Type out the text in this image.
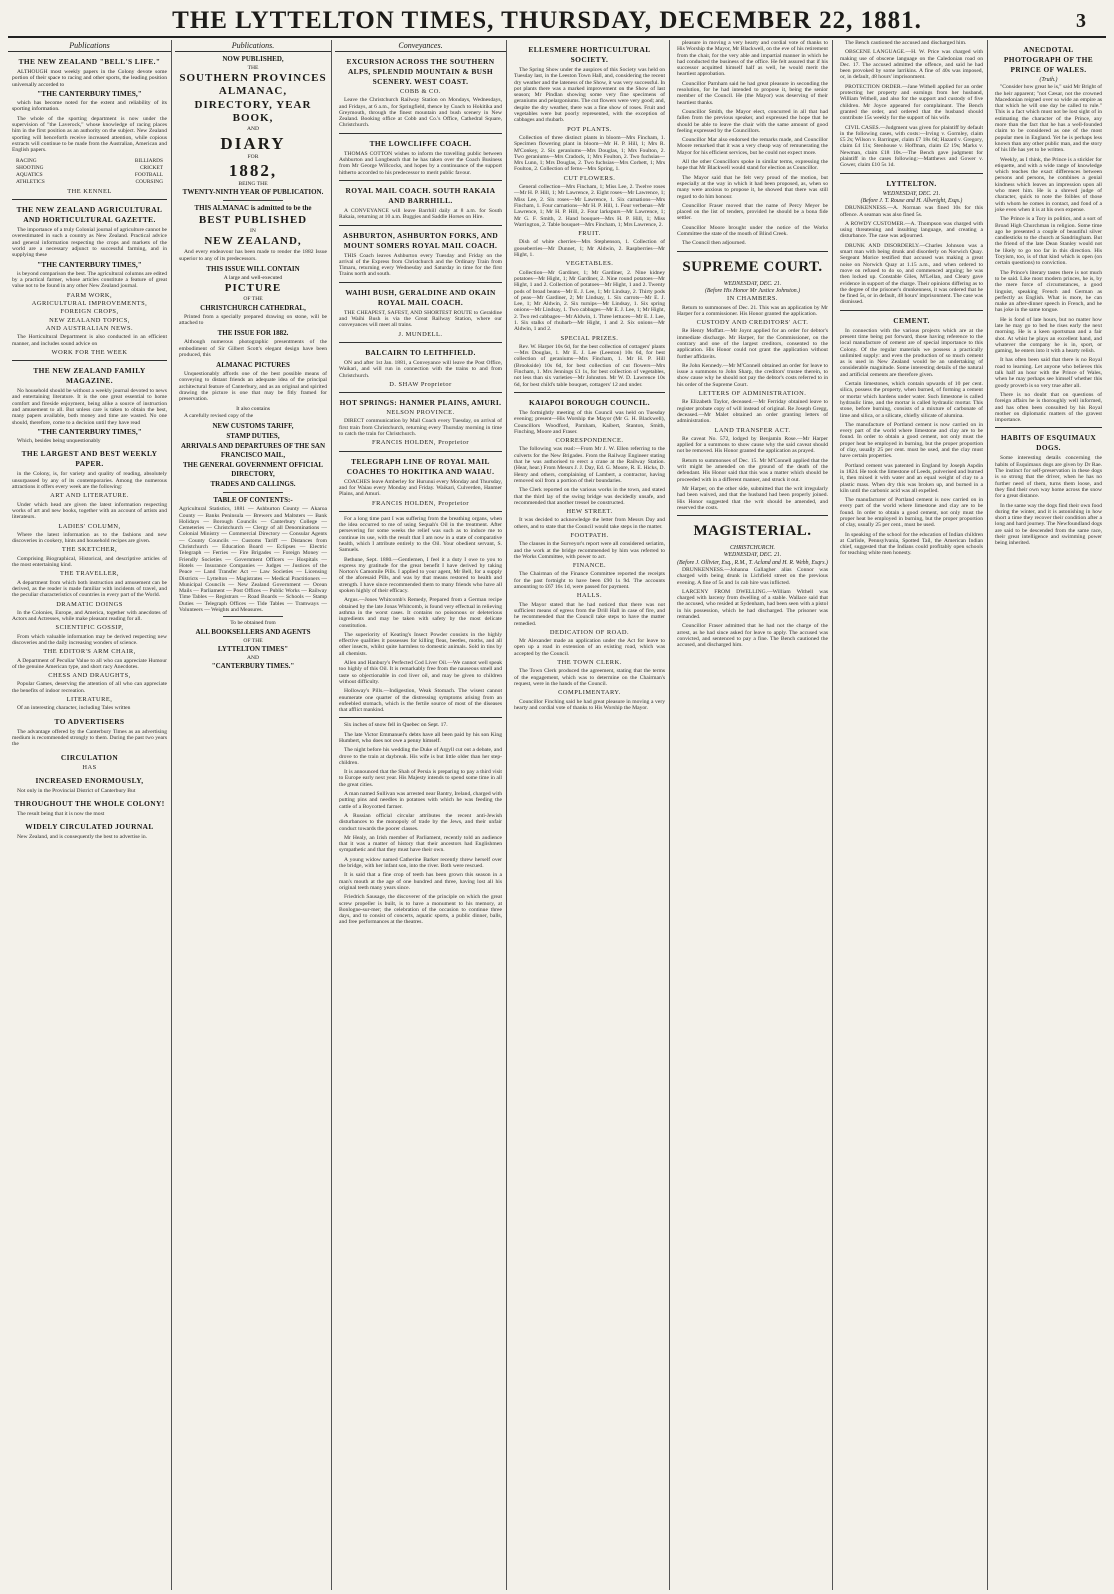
THE LYTTELTON TIMES, THURSDAY, DECEMBER 22, 1881.	3
Publications
THE NEW ZEALAND "BELL'S LIFE."

ALTHOUGH most weekly papers in the Colony devote some portion of their space to racing and other sports, the leading position universally accorded to

"THE CANTERBURY TIMES,"

which has become noted for the extent and reliability of its sporting information.

The whole of the sporting department is now under the supervision of "the Laverock," whose knowledge of racing places him in the first position as an authority on the subject. New Zealand sporting will henceforth receive increased attention, while copious extracts will continue to be made from the Australian, American and English papers.

RACING
SHOOTING
AQUATICS
ATHLETICS
BILLIARDS
CRICKET
FOOTBALL
COURSING
THE KENNEL
THE NEW ZEALAND AGRICULTURAL AND HORTICULTURAL GAZETTE.

The importance of a truly Colonial journal of agriculture cannot be overestimated in such a country as New Zealand. Practical advice and general information respecting the crops and markets of the world are a necessary adjunct to successful farming, and in supplying these

"THE CANTERBURY TIMES,"

is beyond comparison the best. The agricultural columns are edited by a practical farmer, whose articles constitute a feature of great value not to be found in any other New Zealand journal.

FARM WORK,
AGRICULTURAL IMPROVEMENTS,
FOREIGN CROPS,
NEW ZEALAND TOPICS,
AND AUSTRALIAN NEWS.

The Horticultural Department is also conducted in an efficient manner, and includes sound advice on

WORK FOR THE WEEK
THE NEW ZEALAND FAMILY MAGAZINE.

No household should be without a weekly journal devoted to news and entertaining literature. It is the one great essential to home comfort and fireside enjoyment, being alike a source of instruction and amusement to all. But unless care is taken to obtain the best, many papers available, both money and time are wasted. No one should, therefore, come to a decision until they have read

"THE CANTERBURY TIMES,"

Which, besides being unquestionably

THE LARGEST AND BEST WEEKLY PAPER.

in the Colony, is, for variety and quality of reading, absolutely unsurpassed by any of its contemporaries. Among the numerous attractions it offers every week are the following:

ART AND LITERATURE.

Under which head are given the latest information respecting works of art and new books, together with an account of artists and literateurs.

LADIES' COLUMN,

Where the latest information as to the fashions and new discoveries in cookery, hints and household recipes are given.

THE SKETCHER,

Comprising Biographical, Historical, and descriptive articles of the most entertaining kind.

THE TRAVELLER,

A department from which both instruction and amusement can be derived, as the reader is made familiar with incidents of travel, and the peculiar characteristics of countries in every part of the World.

DRAMATIC DOINGS

In the Colonies, Europe, and America, together with anecdotes of Actors and Actresses, while make pleasant reading for all.

SCIENTIFIC GOSSIP,

From which valuable information may be derived respecting new discoveries and the daily increasing wonders of science.

THE EDITOR'S ARM CHAIR,

A Department of Peculiar Value to all who can appreciate Humour of the genuine American type, and short racy Anecdotes.

CHESS AND DRAUGHTS,

Popular Games, deserving the attention of all who can appreciate the benefits of indoor recreation.

LITERATURE,

Of an interesting character, including Tales written

TO ADVERTISERS

The advantage offered by the Canterbury Times as an advertising medium is recommended strongly to them. During the past two years the

CIRCULATION
HAS
INCREASED ENORMOUSLY,

Not only in the Provincial District of Canterbury But

THROUGHOUT THE WHOLE COLONY!

The result being that it is now the most

WIDELY CIRCULATED JOURNAL

New Zealand, and is consequently the best to advertise in.

Publications.
NOW PUBLISHED,
THE
SOUTHERN PROVINCES ALMANAC,
DIRECTORY, YEAR BOOK,
AND
DIARY
FOR
1882,
BEING THE
TWENTY-NINTH YEAR OF PUBLICATION.
THIS ALMANAC is admitted to be the
BEST PUBLISHED
IN
NEW ZEALAND,

And every endeavour has been made to render the 1882 Issue superior to any of its predecessors.

THIS ISSUE WILL CONTAIN
A large and well-executed
PICTURE
OF THE
CHRISTCHURCH CATHEDRAL,

Printed from a specially prepared drawing on stone, will be attached to

THE ISSUE FOR 1882.

Although numerous photographic presentments of the embodiment of Sir Gilbert Scott's elegant design have been produced, this

ALMANAC PICTURES

Unquestionably affords one of the best possible means of conveying to distant friends an adequate idea of the principal architectural feature of Canterbury, and as an original and spirited drawing the picture is one that may be fitly framed for preservation.

It also contains

A carefully revised copy of the

NEW CUSTOMS TARIFF,
STAMP DUTIES,
ARRIVALS AND DEPARTURES OF THE SAN FRANCISCO MAIL,
THE GENERAL GOVERNMENT OFFICIAL DIRECTORY,
TRADES AND CALLINGS.
TABLE OF CONTENTS:-

Agricultural Statistics, 1881 — Ashburton County — Akaroa County — Banks Peninsula — Brewers and Maltsters — Bank Holidays — Borough Councils — Canterbury College — Cemeteries — Christchurch — Clergy of all Denominations — Colonial Ministry — Commercial Directory — Consular Agents — County Councils — Customs Tariff — Distances from Christchurch — Education Board — Eclipses — Electric Telegraph — Ferries — Fire Brigades — Foreign Money — Friendly Societies — Government Officers — Hospitals — Hotels — Insurance Companies — Judges — Justices of the Peace — Land Transfer Act — Law Societies — Licensing Districts — Lyttelton — Magistrates — Medical Practitioners — Municipal Councils — New Zealand Government — Ocean Mails — Parliament — Post Offices — Public Works — Railway Time Tables — Registrars — Road Boards — Schools — Stamp Duties — Telegraph Offices — Tide Tables — Tramways — Volunteers — Weights and Measures.

To be obtained from
ALL BOOKSELLERS AND AGENTS
OF THE
LYTTELTON TIMES"
AND
"CANTERBURY TIMES."
Conveyances.
EXCURSION ACROSS THE SOUTHERN ALPS, SPLENDID MOUNTAIN & BUSH SCENERY. WEST COAST.
COBB & CO.

Leave the Christchurch Railway Station on Mondays, Wednesdays, and Fridays, at 6 a.m., for Springfield, thence by Coach to Hokitika and Greymouth, through the finest mountain and bush scenery in New Zealand. Booking office at Cobb and Co.'s Office, Cathedral Square, Christchurch.

THE LOWCLIFFE COACH.

THOMAS COTTON wishes to inform the travelling public between Ashburton and Longbeach that he has taken over the Coach Business from Mr George Willcocks, and hopes by a continuance of the support hitherto accorded to his predecessor to merit public favour.

ROYAL MAIL COACH. SOUTH RAKAIA AND BARRHILL.

A CONVEYANCE will leave Barrhill daily at 8 a.m. for South Rakaia, returning at 10 a.m. Buggies and Saddle Horses on Hire.

ASHBURTON, ASHBURTON FORKS, AND MOUNT SOMERS ROYAL MAIL COACH.

THIS Coach leaves Ashburton every Tuesday and Friday on the arrival of the Express from Christchurch and the Ordinary Train from Timaru, returning every Wednesday and Saturday in time for the first Trains north and south.

WAIHI BUSH, GERALDINE AND OKAIN ROYAL MAIL COACH.

THE CHEAPEST, SAFEST, AND SHORTEST ROUTE to Geraldine and Waihi Bush is via the Great Railway Station, where our conveyances will meet all trains.

J. MUNDELL.
BALCAIRN TO LEITHFIELD.

ON and after 1st Jan. 1881, a Conveyance will leave the Post Office, Waikari, and will run in connection with the trains to and from Christchurch.

D. SHAW Proprietor
HOT SPRINGS: HANMER PLAINS, AMURI.
NELSON PROVINCE.

DIRECT communication by Mail Coach every Tuesday, on arrival of first train from Christchurch, returning every Thursday morning in time to catch the train for Christchurch.

FRANCIS HOLDEN, Proprietor
TELEGRAPH LINE OF ROYAL MAIL COACHES TO HOKITIKA AND WAIAU.

COACHES leave Amberley for Hurunui every Monday and Thursday, and for Waiau every Monday and Friday. Waikari, Culverden, Hanmer Plains, and Amuri.

FRANCIS HOLDEN, Proprietor

For a long time past I was suffering from the breathing organs, when the idea occurred to me of using Sequah's Oil in the treatment. After persevering for some weeks the relief was such as to induce me to continue its use, with the result that I am now in a state of comparative health, which I attribute entirely to the Oil. Your obedient servant, S. Samuels.

Bethune, Sept. 1880.—Gentlemen, I feel it a duty I owe to you to express my gratitude for the great benefit I have derived by taking Norton's Camomile Pills. I applied to your agent, Mr Bell, for a supply of the aforesaid Pills, and was by that means restored to health and strength. I have since recommended them to many friends who have all spoken highly of their efficacy.

Argus.—Jones Whitcomb's Remedy, Prepared from a German recipe obtained by the late Jonas Whitcomb, is found very effectual in relieving asthma in the worst cases. It contains no poisonous or deleterious ingredients and may be taken with safety by the most delicate constitution.

The superiority of Keating's Insect Powder consists in the highly effective qualities it possesses for killing fleas, beetles, moths, and all other insects, whilst quite harmless to domestic animals. Sold in tins by all chemists.

Allen and Hanbury's Perfected Cod Liver Oil.—We cannot well speak too highly of this Oil. It is remarkably free from the nauseous smell and taste so objectionable in cod liver oil, and may be given to children without difficulty.

Holloway's Pills.—Indigestion, Weak Stomach. The wisest cannot enumerate one quarter of the distressing symptoms arising from an enfeebled stomach, which is the fertile source of most of the diseases that afflict mankind.

Six inches of snow fell in Quebec on Sept. 17.

The late Victor Emmanuel's debts have all been paid by his son King Humbert, who does not owe a penny himself.

The night before his wedding the Duke of Argyll cut out a debate, and drove to the train at daybreak. His wife is but little older than her step-children.

It is announced that the Shah of Persia is preparing to pay a third visit to Europe early next year. His Majesty intends to spend some time in all the great cities.

A man named Sullivan was arrested near Bantry, Ireland, charged with putting pins and needles in potatoes with which he was feeding the cattle of a Boycotted farmer.

A Russian official circular attributes the recent anti-Jewish disturbances to the monopoly of trade by the Jews, and their unfair conduct towards the poorer classes.

Mr Healy, an Irish member of Parliament, recently told an audience that it was a matter of history that their ancestors had Englishmen sympathetic and that they must have their own.

A young widow named Catherine Barker recently threw herself over the bridge, with her infant son, into the river. Both were rescued.

It is said that a fine crop of teeth has been grown this season in a man's mouth at the age of one hundred and three, having lost all his original teeth many years since.

Friedrich Sausage, the discoverer of the principle on which the great screw propeller is built, is to have a monument to his memory, at Bonlogne-sur-mer; the celebration of the occasion to continue three days, and to consist of concerts, aquatic sports, a public dinner, balls, and free performances at the theatres.

ELLESMERE HORTICULTURAL SOCIETY.

The Spring Show under the auspices of this Society was held on Tuesday last, in the Leeston Town Hall, and, considering the recent dry weather and the lateness of the Show, it was very successful. In pot plants there was a marked improvement on the Show of last season; Mr Pindlan showing some very fine specimens of geraniums and pelargoniums. The cut flowers were very good; and, despite the dry weather, there was a fine show of roses. Fruit and vegetables were but poorly represented, with the exception of cabbages and rhubarb.

POT PLANTS.

Collection of three distinct plants in bloom—Mrs Fincham, 1. Specimen flowering plant in bloom—Mr H. P. Hill, 1; Mrs R. M'Conkey, 2. Six geraniums—Mrs Douglas, 1; Mrs Foulton, 2. Two geraniums—Mrs Cradock, 1; Mrs Foulton, 2. Two fuchsias—Mrs Lunn, 1; Mrs Douglas, 2. Two fuchsias—Mrs Corbett, 1; Mrs Foulton, 2. Collection of ferns—Mrs Spring, 1.

CUT FLOWERS.

General collection—Mrs Fincham, 1; Miss Lee, 2. Twelve roses—Mr H. P. Hill, 1; Mr Lawrence, 2. Eight roses—Mr Lawrence, 1; Miss Lee, 2. Six roses—Mr Lawrence, 1. Six carnations—Mrs Fincham, 1. Four carnations—Mr H. P. Hill, 1. Four verbenas—Mr Lawrence, 1; Mr H. P. Hill, 2. Four larkspurs—Mr Lawrence, 1; Mr G. F. Smith, 2. Hand bouquet—Mrs H. P. Hill, 1; Miss Warrington, 2. Table bouquet—Mrs Fincham, 1; Mrs Lawrence, 2.

FRUIT.

Dish of white cherries—Mrs Stephenson, 1. Collection of gooseberries—Mr Dunnet, 1; Mr Aldwin, 2. Raspberries—Mr Hight, 1.

VEGETABLES.

Collection—Mr Gardiner, 1; Mr Gardiner, 2. Nine kidney potatoes—Mr Hight, 1; Mr Gardiner, 2. Nine round potatoes—Mr Hight, 1 and 2. Collection of potatoes—Mr Hight, 1 and 2. Twenty pods of broad beans—Mr E. J. Lee, 1; Mr Lindsay, 2. Thirty pods of peas—Mr Gardiner, 2; Mr Lindsay, 1. Six carrots—Mr E. J. Lee, 1; Mr Aldwin, 2. Six turnips—Mr Lindsay, 1. Six spring onions—Mr Lindsay, 1. Two cabbages—Mr E. J. Lee, 1; Mr Hight, 2. Two red cabbages—Mr Aldwin, 1. Three lettuces—Mr E. J. Lee, 1. Six stalks of rhubarb—Mr Hight, 1 and 2. Six onions—Mr Aldwin, 1 and 2.

SPECIAL PRIZES.

Rev. W. Harper 10s 6d, for the best collection of cottagers' plants—Mrs Douglas, 1. Mr E. J. Lee (Leeston) 10s 6d, for best collection of geraniums—Mrs Fincham, 1. Mr H. P. Hill (Brookside) 10s 6d, for best collection of cut flowers—Mrs Fincham, 1. Mrs Jennings £1 1s, for best collection of vegetables, not less than six varieties—Mr Johnston. Mr W. D. Lawrence 10s 6d, for best child's table bouquet, cottagers' 12 and under.

KAIAPOI BOROUGH COUNCIL.

The fortnightly meeting of this Council was held on Tuesday evening; present—His Worship the Mayor (Mr G. H. Blackwell), Councillors Woodford, Parnham, Kaibert, Stanton, Smith, Finching, Moore and Fraser.

CORRESPONDENCE.

The following was read:—From Mr J. W. Ellen referring to the culverts for the New Brigades. From the Railway Engineer stating that he was authorised to erect a crane at the Railway Station. (Hear, hear.) From Messrs J. J. Day, Ed. G. Moore, R. E. Hicks, D. Henry and others, complaining of Lambert, a contractor, having removed soil from a portion of their boundaries.

The Clerk reported on the various works in the town, and stated that the third lay of the swing bridge was decidedly unsafe, and recommended that another tressel be constructed.

HEW STREET.

It was decided to acknowledge the letter from Messrs Day and others, and to state that the Council would take steps in the matter.

FOOTPATH.

The clauses in the Surveyor's report were all considered seriatim, and the work at the bridge recommended by him was referred to the Works Committee, with power to act.

FINANCE.

The Chairman of the Finance Committee reported the receipts for the past fortnight to have been £90 1s 9d. The accounts amounting to £67 16s 1d, were passed for payment.

HALLS.

The Mayor stated that he had noticed that there was not sufficient means of egress from the Drill Hall in case of fire, and he recommended that the Council take steps to have the matter remedied.

DEDICATION OF ROAD.

Mr Alexander made an application under the Act for leave to open up a road in extension of an existing road, which was accepted by the Council.

THE TOWN CLERK.

The Town Clerk produced the agreement, stating that the terms of the engagement, which was to determine on the Chairman's request, were in the hands of the Council.

COMPLIMENTARY.

Councillor Finching said he had great pleasure in moving a very hearty and cordial vote of thanks to His Worship the Mayor.

pleasure in moving a very hearty and cordial vote of thanks to His Worship the Mayor, Mr Blackwell, on the eve of his retirement from the chair, for the very able and impartial manner in which he had conducted the business of the office. He felt assured that if his successor acquitted himself half as well, he would merit the heartiest approbation.

Councillor Parnham said he had great pleasure in seconding the resolution, for he had intended to propose it, being the senior member of the Council. He (the Mayor) was deserving of their heartiest thanks.

Councillor Smith, the Mayor elect, concurred in all that had fallen from the previous speaker, and expressed the hope that he should be able to leave the chair with the same amount of good feeling expressed by the Councillors.

Councillor Mar also endorsed the remarks made, and Councillor Moore remarked that it was a very cheap way of remunerating the Mayor for his efficient services, but he could not expect more.

All the other Councillors spoke in similar terms, expressing the hope that Mr Blackwell would stand for election as Councillor.

The Mayor said that he felt very proud of the motion, but especially at the way in which it had been proposed, as, when so many were anxious to propose it, he showed that there was still regard to do him honour.

Councillor Fraser moved that the name of Percy Meyer be placed on the list of tenders, provided he should be a bona fide settler.

Councillor Moore brought under the notice of the Works Committee the state of the mouth of Blind Creek.

The Council then adjourned.

SUPREME COURT.
WEDNESDAY, DEC. 21.
(Before His Honor Mr Justice Johnston.)
IN CHAMBERS.

Return to summonses of Dec. 21. This was an application by Mr Harper for a commissioner. His Honor granted the application.

CUSTODY AND CREDITORS' ACT.

Re Henry Moffatt.—Mr Joynt applied for an order for debtor's immediate discharge. Mr Harper, for the Commissioner, on the contrary and one of the largest creditors, consented to the application. His Honor could not grant the application without further affidavits.

Re John Kennedy.—Mr M'Connell obtained an order for leave to issue a summons to John Sharp, the creditors' trustee therein, to show cause why he should not pay the debtor's costs referred to in his order of the Supreme Court.

LETTERS OF ADMINISTRATION.

Re Elizabeth Taylor, deceased.—Mr Ferriday obtained leave to register probate copy of will instead of original. Re Joseph Gregg, deceased.—Mr Malet obtained an order granting letters of administration.

LAND TRANSFER ACT.

Re caveat No. 572, lodged by Benjamin Rose.—Mr Harper applied for a summons to show cause why the said caveat should not be removed. His Honor granted the application as prayed.

Return to summonses of Dec. 15. Mr M'Connell applied that the writ might be amended on the ground of the death of the defendant. His Honor said that this was a matter which should be proceeded with in a different manner, and struck it out.

Mr Harper, on the other side, submitted that the writ irregularly had been waived, and that the husband had been properly joined. His Honor suggested that the writ should be amended, and reserved the costs.

MAGISTERIAL.
CHRISTCHURCH.
WEDNESDAY, DEC. 21.
(Before J. Ollivier, Esq., R.M., T. Acland and H. R. Webb, Esqrs.)

DRUNKENNESS.—Johanna Gallagher alias Connor was charged with being drunk in Lichfield street on the previous evening. A fine of 5s and 1s cab hire was inflicted.

LARCENY FROM DWELLING.—William Withell was charged with larceny from dwelling of a stable. Wallace said that the accused, who resided at Sydenham, had been seen with a pistol in his possession, which he had discharged. The prisoner was remanded.

Councillor Fraser admitted that he had not the charge of the arrest, as he had since asked for leave to apply. The accused was convicted, and sentenced to pay a fine. The Bench cautioned the accused, and discharged him.

The Bench cautioned the accused and discharged him.

OBSCENE LANGUAGE.—H. W. Price was charged with making use of obscene language on the Caledonian road on Dec. 17. The accused admitted the offence, and said he had been provoked by some larrikins. A fine of 40s was imposed, or, in default, 48 hours' imprisonment.

PROTECTION ORDER.—Jane Withell applied for an order protecting her property and earnings from her husband, William Withell, and also for the support and custody of five children. Mr Joyce appeared for complainant. The Bench granted the order, and ordered that the husband should contribute 15s weekly for the support of his wife.

CIVIL CASES.—Judgment was given for plaintiff by default in the following cases, with costs:—Irving v. Gormley, claim £5 2s; Wilson v. Barringer, claim £7 18s 6d; Hazard v. Gregory, claim £4 11s; Stenhouse v. Hoffman, claim £2 19s; Marks v. Newman, claim £18 10s.—The Bench gave judgment for plaintiff in the cases following:—Matthews and Gower v. Gower, claim £10 5s 1d.

LYTTELTON.
WEDNESDAY, DEC. 21.
(Before J. T. Rouse and H. Allwright, Esqs.)

DRUNKENNESS.—A. Norman was fined 10s for this offence. A seaman was also fined 5s.

A ROWDY CUSTOMER.—A. Thompson was charged with using threatening and insulting language, and creating a disturbance. The case was adjourned.

DRUNK AND DISORDERLY.—Charles Johnson was a smart man with being drunk and disorderly on Norwich Quay. Sergeant Morice testified that accused was making a great noise on Norwich Quay at 1.15 a.m., and when ordered to move on refused to do so, and commenced arguing; he was then locked up. Constable Giles, M'Lellan, and Cleary gave evidence in support of the charge. Their opinions differing as to the degree of the prisoner's drunkenness, it was ordered that he be fined 5s, or in default, 48 hours' imprisonment. The case was dismissed.

CEMENT.

In connection with the various projects which are at the present time being put forward, those having reference to the local manufacture of cement are of special importance to this Colony. Of the regular materials we possess a practically unlimited supply: and even the production of so much cement as is used in New Zealand would be an undertaking of considerable magnitude. Some interesting details of the natural and artificial cements are therefore given.

Certain limestones, which contain upwards of 10 per cent. silica, possess the property, when burned, of forming a cement or mortar which hardens under water. Such limestone is called hydraulic lime, and the mortar is called hydraulic mortar. This stone, before burning, consists of a mixture of carbonate of lime and silica, or a silicate, chiefly silicate of alumina.

The manufacture of Portland cement is now carried on in every part of the world where limestone and clay are to be found. In order to obtain a good cement, not only must the proper heat be employed in burning, but the proper proportion of clay, usually 25 per cent. must be used, and the clay must have certain properties.

Portland cement was patented in England by Joseph Aspdin in 1824. He took the limestone of Leeds, pulverised and burned it, then mixed it with water and an equal weight of clay to a plastic mass. When dry this was broken up, and burned in a kiln until the carbonic acid was all expelled.

The manufacturer of Portland cement is now carried on in every part of the world where limestone and clay are to be found. In order to obtain a good cement, not only must the proper heat be employed in burning, but the proper proportion of clay, usually 25 per cent., must be used.

In speaking of the school for the education of Indian children at Carlisle, Pennsylvania, Spotted Tail, the American Indian chief, suggested that the Indians could profitably open schools for teaching white men honesty.

ANECDOTAL PHOTOGRAPH OF THE PRINCE OF WALES.
(Truth.)

"Consider how great he is," said Mr Bright of the heir apparent; "not Cæsar, not the crowned Macedonian reigned over so wide an empire as that which he will one day be called to rule." This is a fact which must not be lost sight of in estimating the character of the Prince, any more than the fact that he has a well-founded claim to be considered as one of the most popular men in England. Yet he is perhaps less known than any other public man, and the story of his life has yet to be written.

Weekly, as I think, the Prince is a stickler for etiquette, and with a wide range of knowledge which teaches the exact differences between persons and persons, he combines a genial kindness which leaves an impression upon all who meet him. He is a shrewd judge of character, quick to note the foibles of those with whom he comes in contact, and fond of a joke even when it is at his own expense.

The Prince is a Tory in politics, and a sort of Broad High Churchman in religion. Some time ago he presented a couple of beautiful silver candlesticks to the church at Sandringham. But the friend of the late Dean Stanley would not be likely to go too far in this direction. His Toryism, too, is of that kind which is open (on certain questions) to conviction.

The Prince's literary tastes there is not much to be said. Like most modern princes, he is, by the mere force of circumstances, a good linguist, speaking French and German as perfectly as English. What is more, he can make an after-dinner speech in French, and he has joke in the same tongue.

He is fond of late hours, but no matter how late he may go to bed he rises early the next morning. He is a keen sportsman and a fair shot. At whist he plays an excellent hand, and whatever the company he is in, sport, or gaming, he enters into it with a hearty relish.

It has often been said that there is no Royal road to learning. Let anyone who believes this talk half an hour with the Prince of Wales, when he may perhaps see himself whether this goody proverb is so very true after all.

There is no doubt that on questions of foreign affairs he is thoroughly well informed, and has often been consulted by his Royal mother on diplomatic matters of the gravest importance.

HABITS OF ESQUIMAUX DOGS.

Some interesting details concerning the habits of Esquimaux dogs are given by Dr Rae. The instinct for self-preservation in these dogs is so strong that the driver, when he has no further need of them, turns them loose, and they find their own way home across the snow for a great distance.

In the same way the dogs find their own food during the winter, and it is astonishing in how short a time they recover their condition after a long and hard journey. The Newfoundland dogs are said to be descended from the same race, their great intelligence and swimming power being inherited.
